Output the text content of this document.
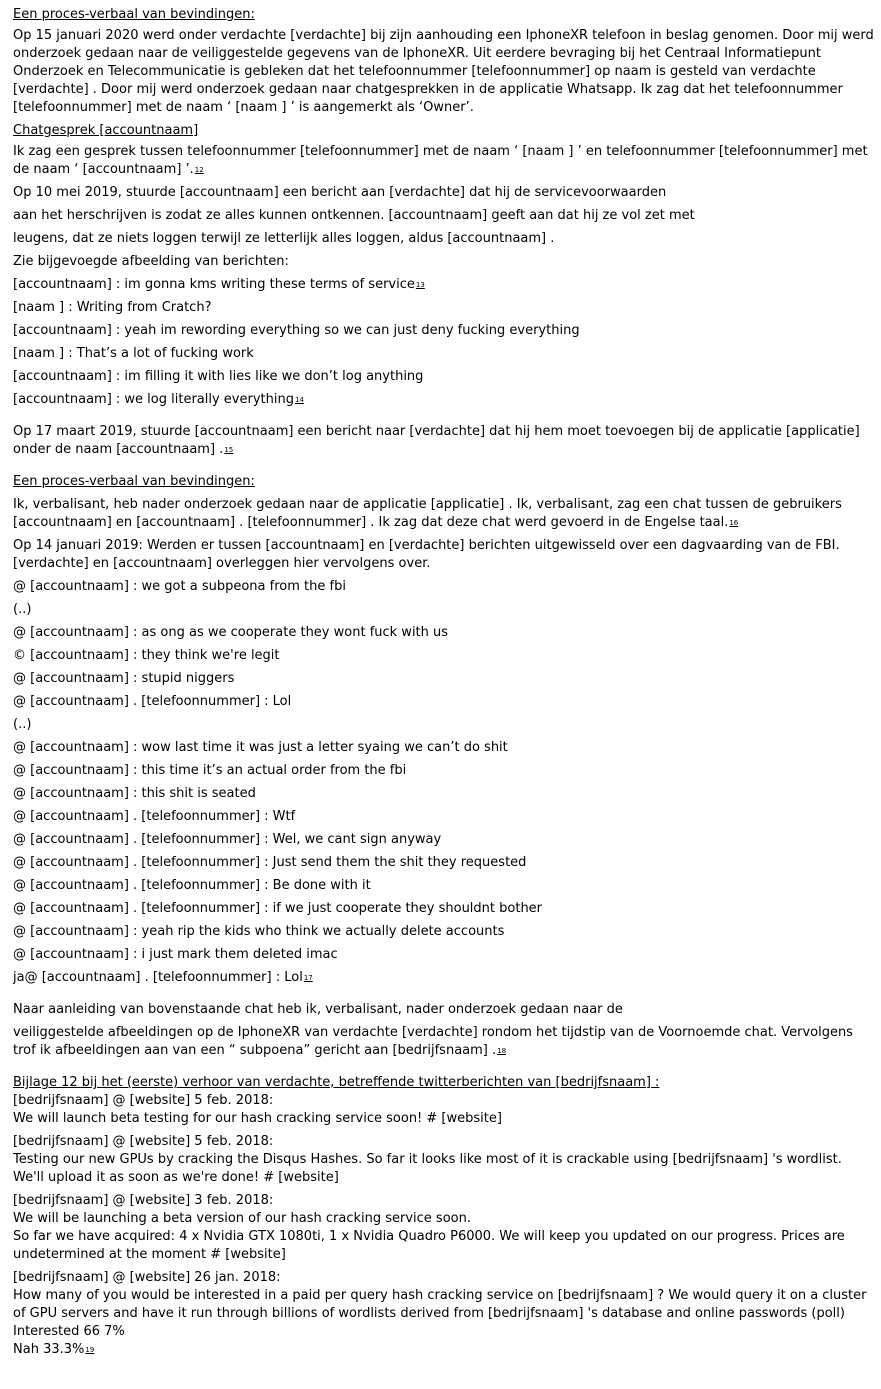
Een proces-verbaal van bevindingen:

Op 15 januari 2020 werd onder verdachte [verdachte] bij zijn aanhouding een IphoneXR telefoon in beslag genomen. Door mij werd onderzoek gedaan naar de veiliggestelde gegevens van de IphoneXR. Uit eerdere bevraging bij het Centraal Informatiepunt Onderzoek en Telecommunicatie is gebleken dat het telefoonnummer [telefoonnummer] op naam is gesteld van verdachte [verdachte] . Door mij werd onderzoek gedaan naar chatgesprekken in de applicatie Whatsapp. Ik zag dat het telefoonnummer [telefoonnummer] met de naam ‘ [naam ] ’ is aangemerkt als ‘Owner’.

Chatgesprek [accountnaam]

Ik zag een gesprek tussen telefoonnummer [telefoonnummer] met de naam ‘ [naam ] ’ en telefoonnummer [telefoonnummer] met de naam ‘ [accountnaam] ’.12

Op 10 mei 2019, stuurde [accountnaam] een bericht aan [verdachte] dat hij de servicevoorwaarden

aan het herschrijven is zodat ze alles kunnen ontkennen. [accountnaam] geeft aan dat hij ze vol zet met

leugens, dat ze niets loggen terwijl ze letterlijk alles loggen, aldus [accountnaam] .

Zie bijgevoegde afbeelding van berichten:

[accountnaam] : im gonna kms writing these terms of service13

[naam ] : Writing from Cratch?

[accountnaam] : yeah im rewording everything so we can just deny fucking everything

[naam ] : That’s a lot of fucking work

[accountnaam] : im filling it with lies like we don’t log anything

[accountnaam] : we log literally everything14

Op 17 maart 2019, stuurde [accountnaam] een bericht naar [verdachte] dat hij hem moet toevoegen bij de applicatie [applicatie] onder de naam [accountnaam] .15

Een proces-verbaal van bevindingen:

Ik, verbalisant, heb nader onderzoek gedaan naar de applicatie [applicatie] . Ik, verbalisant, zag een chat tussen de gebruikers [accountnaam] en [accountnaam] . [telefoonnummer] . Ik zag dat deze chat werd gevoerd in de Engelse taal.16

Op 14 januari 2019: Werden er tussen [accountnaam] en [verdachte] berichten uitgewisseld over een dagvaarding van de FBI. [verdachte] en [accountnaam] overleggen hier vervolgens over.

@ [accountnaam] : we got a subpeona from the fbi

(..)

@ [accountnaam] : as ong as we cooperate they wont fuck with us

© [accountnaam] : they think we're legit

@ [accountnaam] : stupid niggers

@ [accountnaam] . [telefoonnummer] : Lol

(..)

@ [accountnaam] : wow last time it was just a letter syaing we can’t do shit

@ [accountnaam] : this time it’s an actual order from the fbi

@ [accountnaam] : this shit is seated

@ [accountnaam] . [telefoonnummer] : Wtf

@ [accountnaam] . [telefoonnummer] : Wel, we cant sign anyway

@ [accountnaam] . [telefoonnummer] : Just send them the shit they requested

@ [accountnaam] . [telefoonnummer] : Be done with it

@ [accountnaam] . [telefoonnummer] : if we just cooperate they shouldnt bother

@ [accountnaam] : yeah rip the kids who think we actually delete accounts

@ [accountnaam] : i just mark them deleted imac

ja@ [accountnaam] . [telefoonnummer] : Lol17

Naar aanleiding van bovenstaande chat heb ik, verbalisant, nader onderzoek gedaan naar de

veiliggestelde afbeeldingen op de IphoneXR van verdachte [verdachte] rondom het tijdstip van de Voornoemde chat. Vervolgens trof ik afbeeldingen aan van een “ subpoena” gericht aan [bedrijfsnaam] .18

Bijlage 12 bij het (eerste) verhoor van verdachte, betreffende twitterberichten van [bedrijfsnaam] :

[bedrijfsnaam] @ [website] 5 feb. 2018:

We will launch beta testing for our hash cracking service soon! # [website]

[bedrijfsnaam] @ [website] 5 feb. 2018:

Testing our new GPUs by cracking the Disqus Hashes. So far it looks like most of it is crackable using [bedrijfsnaam] 's wordlist. We'll upload it as soon as we're done! # [website]

[bedrijfsnaam] @ [website] 3 feb. 2018:

We will be launching a beta version of our hash cracking service soon.

So far we have acquired: 4 x Nvidia GTX 1080ti, 1 x Nvidia Quadro P6000. We will keep you updated on our progress. Prices are undetermined at the moment # [website]

[bedrijfsnaam] @ [website] 26 jan. 2018:

How many of you would be interested in a paid per query hash cracking service on [bedrijfsnaam] ? We would query it on a cluster of GPU servers and have it run through billions of wordlists derived from [bedrijfsnaam] 's database and online passwords (poll)

Interested 66 7%

Nah 33.3%19
